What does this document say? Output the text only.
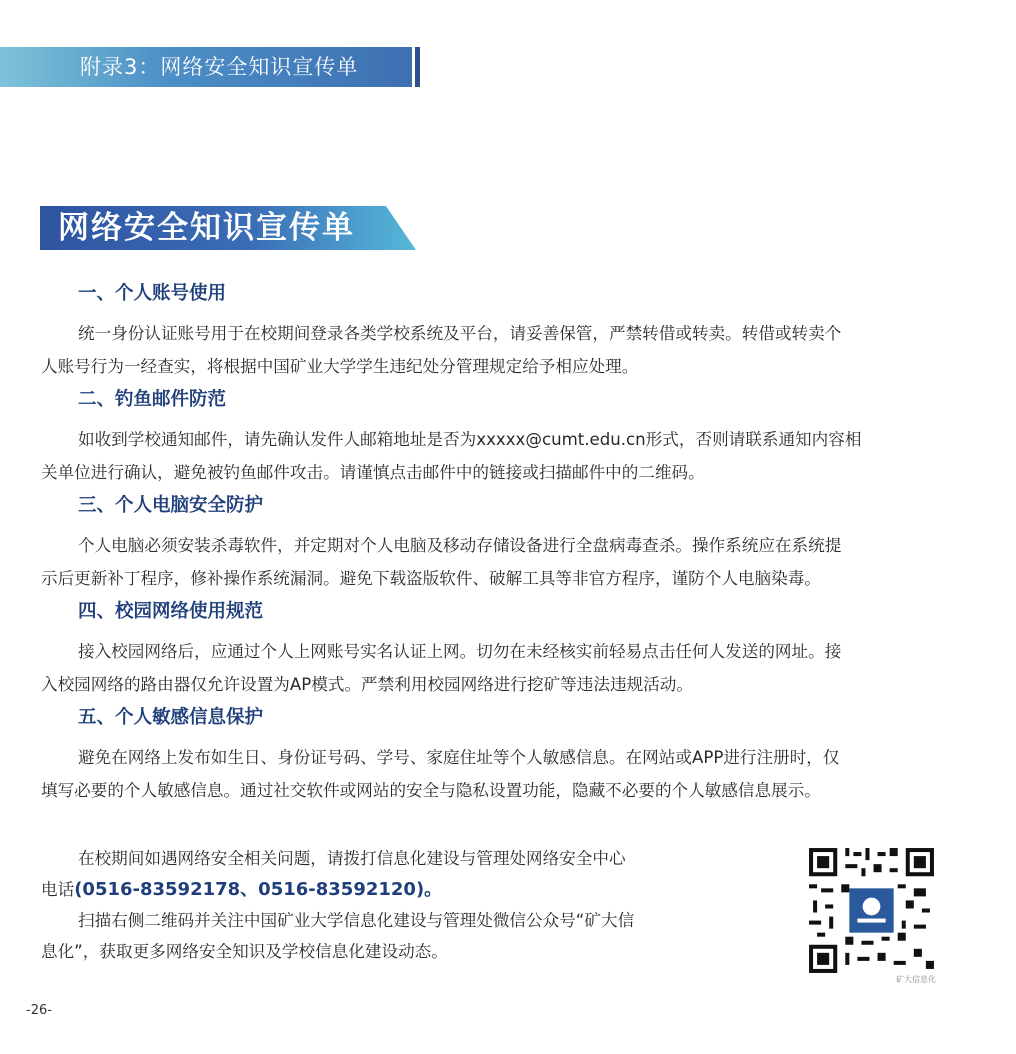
附录3：网络安全知识宣传单
网络安全知识宣传单
一、个人账号使用
统一身份认证账号用于在校期间登录各类学校系统及平台，请妥善保管，严禁转借或转卖。转借或转卖个
人账号行为一经查实，将根据中国矿业大学学生违纪处分管理规定给予相应处理。
二、钓鱼邮件防范
如收到学校通知邮件，请先确认发件人邮箱地址是否为xxxxx@cumt.edu.cn形式，否则请联系通知内容相
关单位进行确认，避免被钓鱼邮件攻击。请谨慎点击邮件中的链接或扫描邮件中的二维码。
三、个人电脑安全防护
个人电脑必须安装杀毒软件，并定期对个人电脑及移动存储设备进行全盘病毒查杀。操作系统应在系统提
示后更新补丁程序，修补操作系统漏洞。避免下载盗版软件、破解工具等非官方程序，谨防个人电脑染毒。
四、校园网络使用规范
接入校园网络后，应通过个人上网账号实名认证上网。切勿在未经核实前轻易点击任何人发送的网址。接
入校园网络的路由器仅允许设置为AP模式。严禁利用校园网络进行挖矿等违法违规活动。
五、个人敏感信息保护
避免在网络上发布如生日、身份证号码、学号、家庭住址等个人敏感信息。在网站或APP进行注册时，仅
填写必要的个人敏感信息。通过社交软件或网站的安全与隐私设置功能，隐藏不必要的个人敏感信息展示。

在校期间如遇网络安全相关问题，请拨打信息化建设与管理处网络安全中心

电话(0516-83592178、0516-83592120)。

扫描右侧二维码并关注中国矿业大学信息化建设与管理处微信公众号“矿大信

息化”，获取更多网络安全知识及学校信息化建设动态。

矿大信息化
-26-
